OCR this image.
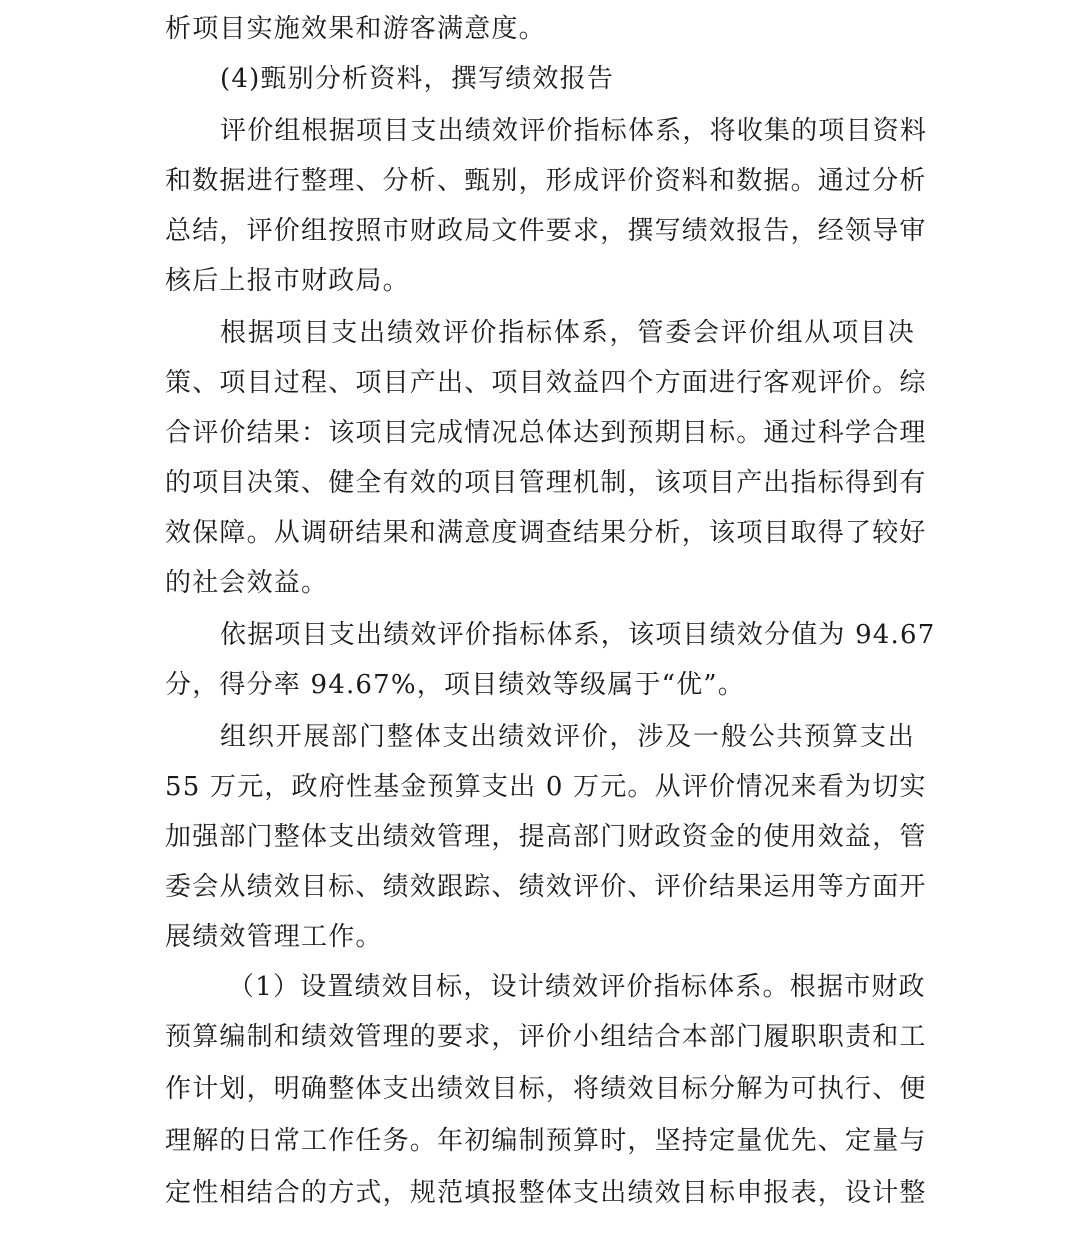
析项目实施效果和游客满意度。
(4)甄别分析资料，撰写绩效报告
评价组根据项目支出绩效评价指标体系，将收集的项目资料
和数据进行整理、分析、甄别，形成评价资料和数据。通过分析
总结，评价组按照市财政局文件要求，撰写绩效报告，经领导审
核后上报市财政局。
根据项目支出绩效评价指标体系，管委会评价组从项目决
策、项目过程、项目产出、项目效益四个方面进行客观评价。综
合评价结果：该项目完成情况总体达到预期目标。通过科学合理
的项目决策、健全有效的项目管理机制，该项目产出指标得到有
效保障。从调研结果和满意度调查结果分析，该项目取得了较好
的社会效益。
依据项目支出绩效评价指标体系，该项目绩效分值为 94.67
分，得分率 94.67%，项目绩效等级属于“优”。
组织开展部门整体支出绩效评价，涉及一般公共预算支出
55 万元，政府性基金预算支出 0 万元。从评价情况来看为切实
加强部门整体支出绩效管理，提高部门财政资金的使用效益，管
委会从绩效目标、绩效跟踪、绩效评价、评价结果运用等方面开
展绩效管理工作。
（1）设置绩效目标，设计绩效评价指标体系。根据市财政
预算编制和绩效管理的要求，评价小组结合本部门履职职责和工
作计划，明确整体支出绩效目标，将绩效目标分解为可执行、便
理解的日常工作任务。年初编制预算时，坚持定量优先、定量与
定性相结合的方式，规范填报整体支出绩效目标申报表，设计整
